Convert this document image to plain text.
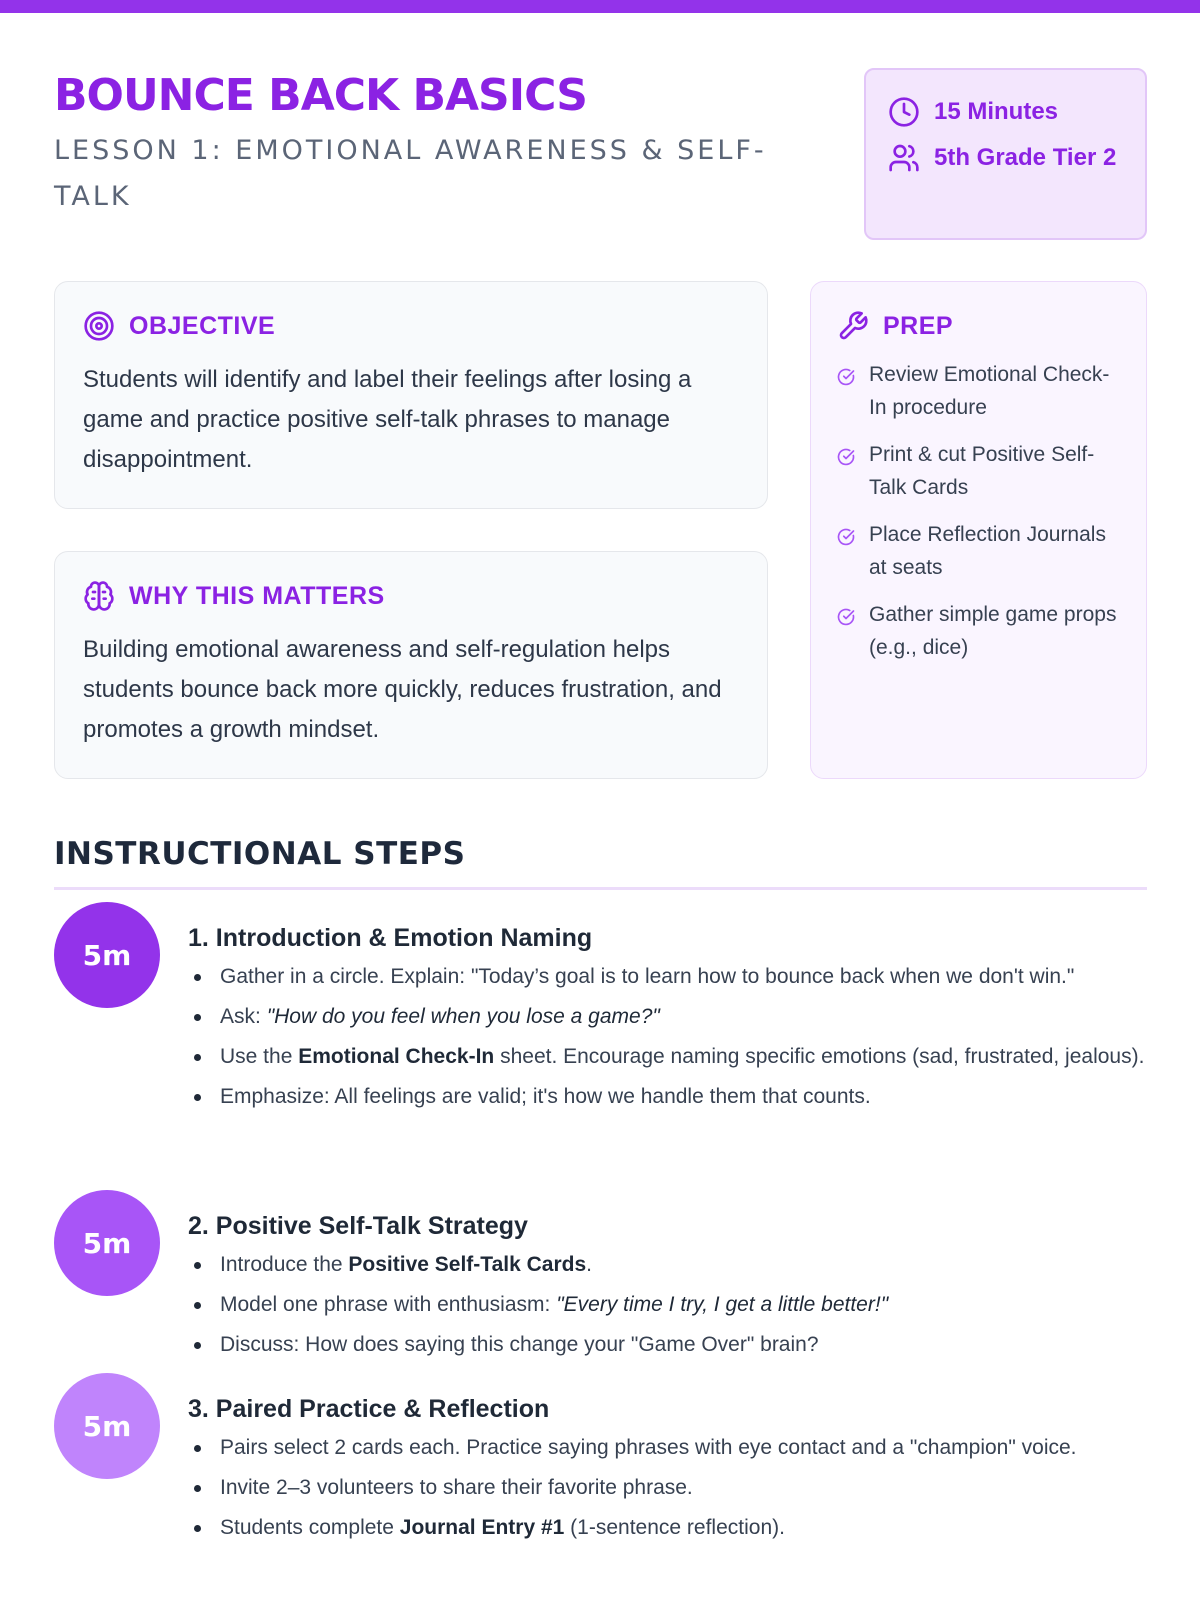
BOUNCE BACK BASICS
LESSON 1: EMOTIONAL AWARENESS & SELF-TALK
15 Minutes
5th Grade Tier 2
OBJECTIVE
Students will identify and label their feelings after losing a game and practice positive self-talk phrases to manage disappointment.
WHY THIS MATTERS
Building emotional awareness and self-regulation helps students bounce back more quickly, reduces frustration, and promotes a growth mindset.
PREP
Review Emotional Check-In procedure
Print & cut Positive Self-Talk Cards
Place Reflection Journals at seats
Gather simple game props (e.g., dice)
INSTRUCTIONAL STEPS
5m
1. Introduction & Emotion Naming
Gather in a circle. Explain: "Today’s goal is to learn how to bounce back when we don't win."
Ask: "How do you feel when you lose a game?"
Use the Emotional Check-In sheet. Encourage naming specific emotions (sad, frustrated, jealous).
Emphasize: All feelings are valid; it's how we handle them that counts.
5m
2. Positive Self-Talk Strategy
Introduce the Positive Self-Talk Cards.
Model one phrase with enthusiasm: "Every time I try, I get a little better!"
Discuss: How does saying this change your "Game Over" brain?
5m
3. Paired Practice & Reflection
Pairs select 2 cards each. Practice saying phrases with eye contact and a "champion" voice.
Invite 2–3 volunteers to share their favorite phrase.
Students complete Journal Entry #1 (1-sentence reflection).
